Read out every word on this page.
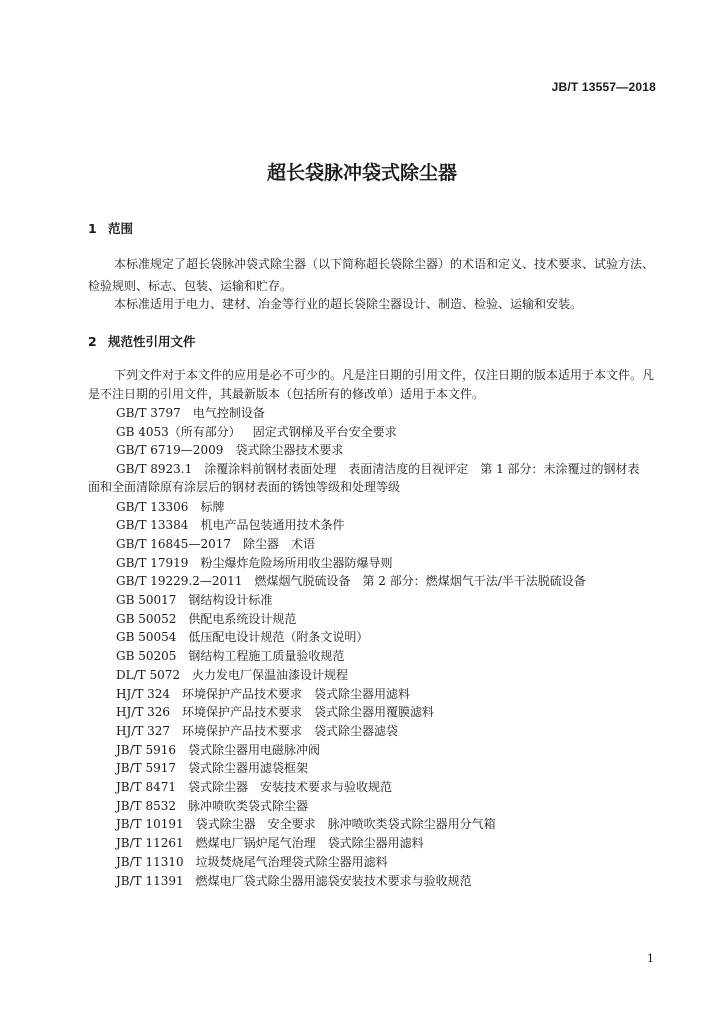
JB/T 13557—2018
超长袋脉冲袋式除尘器
1 范围

本标准规定了超长袋脉冲袋式除尘器（以下简称超长袋除尘器）的术语和定义、技术要求、试验方法、检验规则、标志、包装、运输和贮存。

本标准适用于电力、建材、冶金等行业的超长袋除尘器设计、制造、检验、运输和安装。

2 规范性引用文件

下列文件对于本文件的应用是必不可少的。凡是注日期的引用文件，仅注日期的版本适用于本文件。凡是不注日期的引用文件，其最新版本（包括所有的修改单）适用于本文件。

GB/T 3797 电气控制设备
GB 4053（所有部分） 固定式钢梯及平台安全要求
GB/T 6719—2009 袋式除尘器技术要求
GB/T 8923.1 涂覆涂料前钢材表面处理　表面清洁度的目视评定　第 1 部分：未涂覆过的钢材表
面和全面清除原有涂层后的钢材表面的锈蚀等级和处理等级
GB/T 13306 标牌
GB/T 13384 机电产品包装通用技术条件
GB/T 16845—2017 除尘器　术语
GB/T 17919 粉尘爆炸危险场所用收尘器防爆导则
GB/T 19229.2—2011 燃煤烟气脱硫设备　第 2 部分：燃煤烟气干法/半干法脱硫设备
GB 50017 钢结构设计标准
GB 50052 供配电系统设计规范
GB 50054 低压配电设计规范（附条文说明）
GB 50205 钢结构工程施工质量验收规范
DL/T 5072 火力发电厂保温油漆设计规程
HJ/T 324 环境保护产品技术要求　袋式除尘器用滤料
HJ/T 326 环境保护产品技术要求　袋式除尘器用覆膜滤料
HJ/T 327 环境保护产品技术要求　袋式除尘器滤袋
JB/T 5916 袋式除尘器用电磁脉冲阀
JB/T 5917 袋式除尘器用滤袋框架
JB/T 8471 袋式除尘器　安装技术要求与验收规范
JB/T 8532 脉冲喷吹类袋式除尘器
JB/T 10191 袋式除尘器　安全要求　脉冲喷吹类袋式除尘器用分气箱
JB/T 11261 燃煤电厂锅炉尾气治理　袋式除尘器用滤料
JB/T 11310 垃圾焚烧尾气治理袋式除尘器用滤料
JB/T 11391 燃煤电厂袋式除尘器用滤袋安装技术要求与验收规范
1
